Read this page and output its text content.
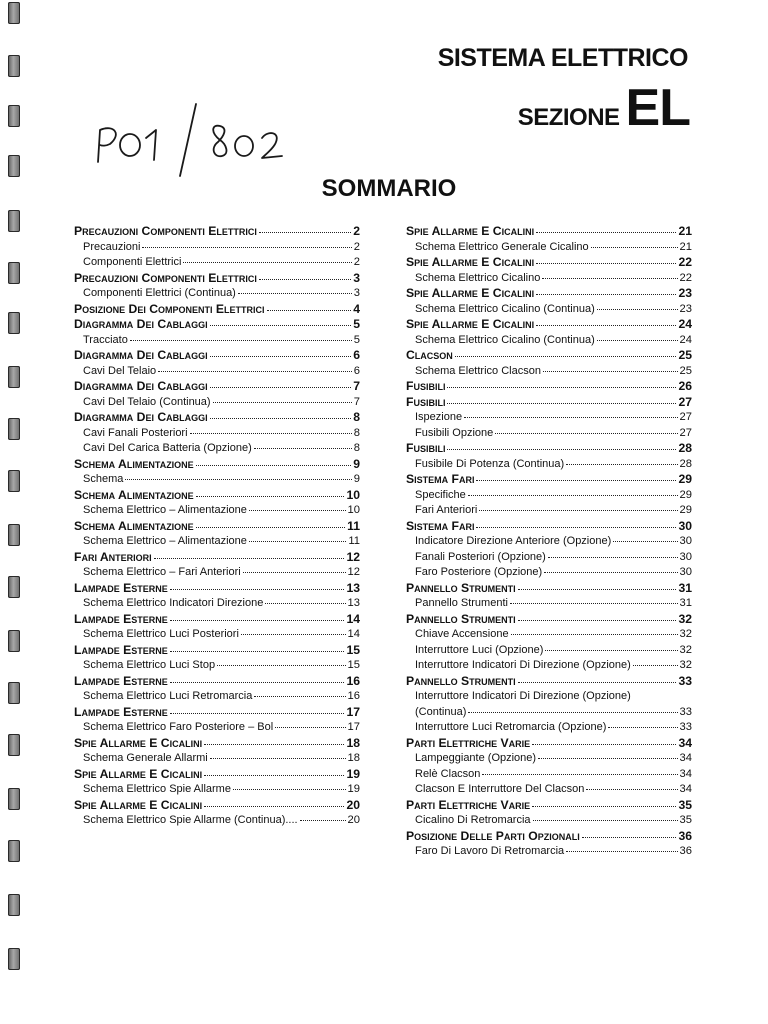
SISTEMA ELETTRICO
SEZIONE EL
SOMMARIO
Precauzioni Componenti Elettrici	2
Precauzioni	2
Componenti Elettrici	2
Precauzioni Componenti Elettrici	3
Componenti Elettrici (Continua)	3
Posizione Dei Componenti Elettrici	4
Diagramma Dei Cablaggi	5
Tracciato	5
Diagramma Dei Cablaggi	6
Cavi Del Telaio	6
Diagramma Dei Cablaggi	7
Cavi Del Telaio (Continua)	7
Diagramma Dei Cablaggi	8
Cavi Fanali Posteriori	8
Cavi Del Carica Batteria (Opzione)	8
Schema Alimentazione	9
Schema	9
Schema Alimentazione	10
Schema Elettrico – Alimentazione	10
Schema Alimentazione	11
Schema Elettrico – Alimentazione	11
Fari Anteriori	12
Schema Elettrico – Fari Anteriori	12
Lampade Esterne	13
Schema Elettrico Indicatori Direzione	13
Lampade Esterne	14
Schema Elettrico Luci Posteriori	14
Lampade Esterne	15
Schema Elettrico Luci Stop	15
Lampade Esterne	16
Schema Elettrico Luci Retromarcia	16
Lampade Esterne	17
Schema Elettrico Faro Posteriore – Bol	17
Spie Allarme E Cicalini	18
Schema Generale Allarmi	18
Spie Allarme E Cicalini	19
Schema Elettrico Spie Allarme	19
Spie Allarme E Cicalini	20
Schema Elettrico Spie Allarme (Continua)....	20
Spie Allarme E Cicalini	21
Schema Elettrico Generale Cicalino	21
Spie Allarme E Cicalini	22
Schema Elettrico Cicalino	22
Spie Allarme E Cicalini	23
Schema Elettrico Cicalino (Continua)	23
Spie Allarme E Cicalini	24
Schema Elettrico Cicalino (Continua)	24
Clacson	25
Schema Elettrico Clacson	25
Fusibili	26
Fusibili	27
Ispezione	27
Fusibili Opzione	27
Fusibili	28
Fusibile Di Potenza (Continua)	28
Sistema Fari	29
Specifiche	29
Fari Anteriori	29
Sistema Fari	30
Indicatore Direzione Anteriore (Opzione)	30
Fanali Posteriori (Opzione)	30
Faro Posteriore (Opzione)	30
Pannello Strumenti	31
Pannello Strumenti	31
Pannello Strumenti	32
Chiave Accensione	32
Interruttore Luci (Opzione)	32
Interruttore Indicatori Di Direzione (Opzione)	32
Pannello Strumenti	33
Interruttore Indicatori Di Direzione (Opzione)
(Continua)	33
Interruttore Luci Retromarcia (Opzione)	33
Parti Elettriche Varie	34
Lampeggiante (Opzione)	34
Relè Clacson	34
Clacson E Interruttore Del Clacson	34
Parti Elettriche Varie	35
Cicalino Di Retromarcia	35
Posizione Delle Parti Opzionali	36
Faro Di Lavoro Di Retromarcia	36
